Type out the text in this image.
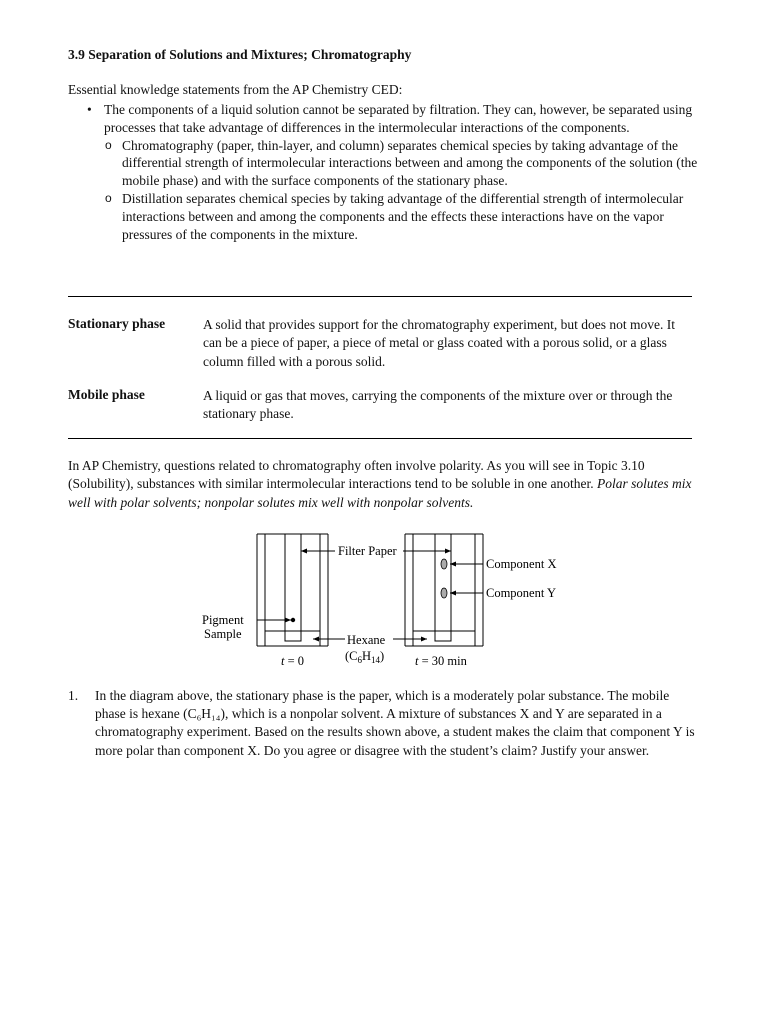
3.9 Separation of Solutions and Mixtures; Chromatography
Essential knowledge statements from the AP Chemistry CED:
• The components of a liquid solution cannot be separated by filtration. They can, however, be separated using processes that take advantage of differences in the intermolecular interactions of the components.
o Chromatography (paper, thin-layer, and column) separates chemical species by taking advantage of the differential strength of intermolecular interactions between and among the components of the solution (the mobile phase) and with the surface components of the stationary phase.
o Distillation separates chemical species by taking advantage of the differential strength of intermolecular interactions between and among the components and the effects these interactions have on the vapor pressures of the components in the mixture.
Stationary phase	A solid that provides support for the chromatography experiment, but does not move. It can be a piece of paper, a piece of metal or glass coated with a porous solid, or a glass column filled with a porous solid.
Mobile phase	A liquid or gas that moves, carrying the components of the mixture over or through the stationary phase.
In AP Chemistry, questions related to chromatography often involve polarity. As you will see in Topic 3.10 (Solubility), substances with similar intermolecular interactions tend to be soluble in one another. Polar solutes mix well with polar solvents; nonpolar solutes mix well with nonpolar solvents.
Filter Paper
Component X
Component Y
Pigment
Sample	Hexane
$(C_6H_{14})$
t = 0	t = 30 min
1.	In the diagram above, the stationary phase is the paper, which is a moderately polar substance. The mobile phase is hexane (C₆H₁₄), which is a nonpolar solvent. A mixture of substances X and Y are separated in a chromatography experiment. Based on the results shown above, a student makes the claim that component Y is more polar than component X. Do you agree or disagree with the student’s claim? Justify your answer.
